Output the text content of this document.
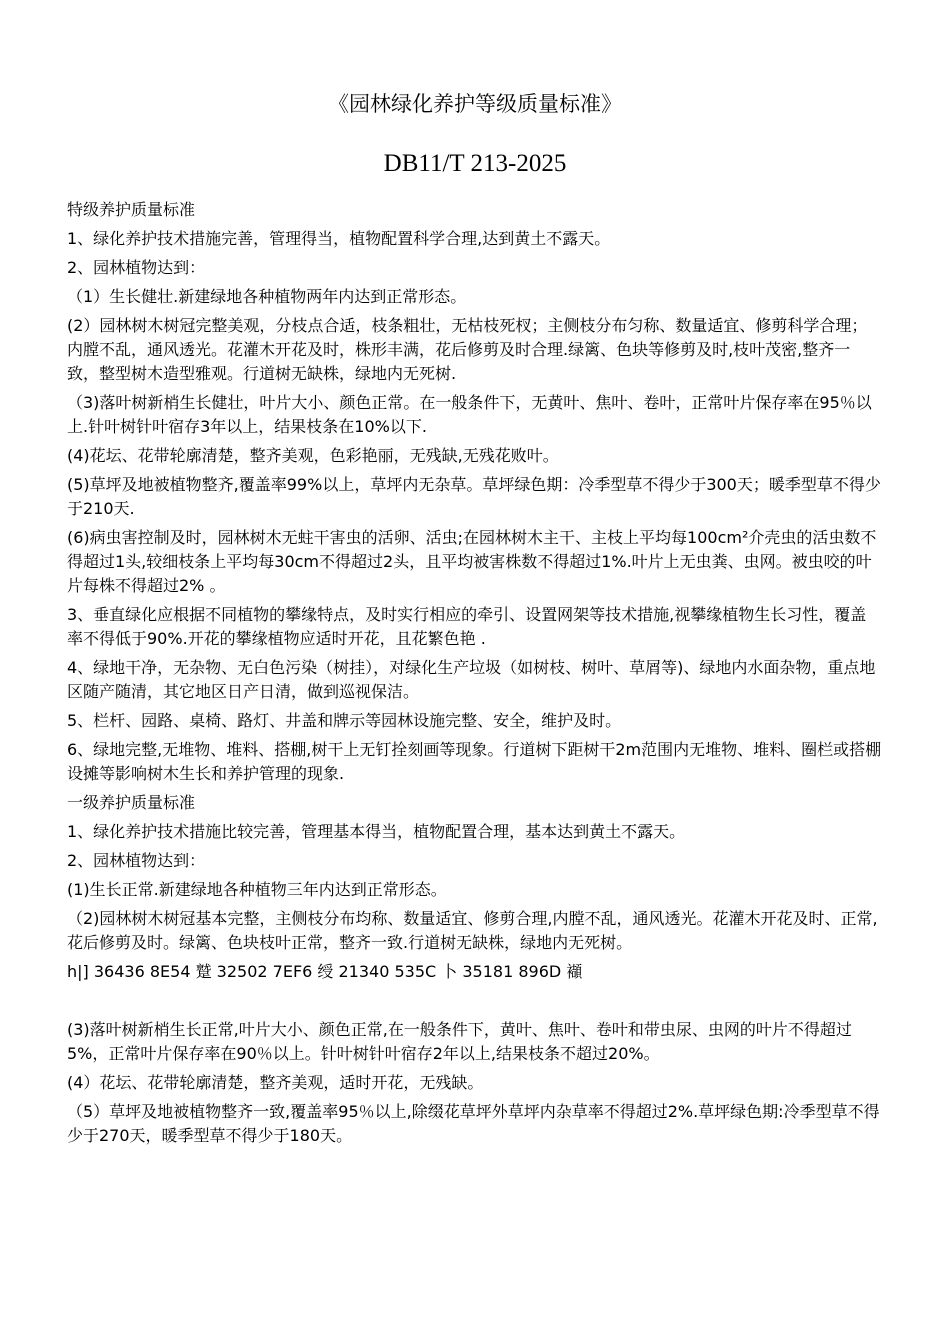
《园林绿化养护等级质量标准》
DB11/T 213-2025

特级养护质量标准

1、绿化养护技术措施完善，管理得当，植物配置科学合理,达到黄土不露天。

2、园林植物达到：

（1）生长健壮.新建绿地各种植物两年内达到正常形态。

(2）园林树木树冠完整美观，分枝点合适，枝条粗壮，无枯枝死杈；主侧枝分布匀称、数量适宜、修剪科学合理；内膛不乱，通风透光。花灌木开花及时，株形丰满，花后修剪及时合理.绿篱、色块等修剪及时,枝叶茂密,整齐一致，整型树木造型雅观。行道树无缺株，绿地内无死树.

（3)落叶树新梢生长健壮，叶片大小、颜色正常。在一般条件下，无黄叶、焦叶、卷叶，正常叶片保存率在95％以上.针叶树针叶宿存3年以上，结果枝条在10%以下.

(4)花坛、花带轮廓清楚，整齐美观，色彩艳丽，无残缺,无残花败叶。

(5)草坪及地被植物整齐,覆盖率99%以上，草坪内无杂草。草坪绿色期：冷季型草不得少于300天；暖季型草不得少于210天.

(6)病虫害控制及时，园林树木无蛀干害虫的活卵、活虫;在园林树木主干、主枝上平均每100cm²介壳虫的活虫数不得超过1头,较细枝条上平均每30cm不得超过2头，且平均被害株数不得超过1%.叶片上无虫粪、虫网。被虫咬的叶片每株不得超过2% 。

3、垂直绿化应根据不同植物的攀缘特点，及时实行相应的牵引、设置网架等技术措施,视攀缘植物生长习性，覆盖率不得低于90%.开花的攀缘植物应适时开花，且花繁色艳 .

4、绿地干净，无杂物、无白色污染（树挂），对绿化生产垃圾（如树枝、树叶、草屑等)、绿地内水面杂物，重点地区随产随清，其它地区日产日清，做到巡视保洁。

5、栏杆、园路、桌椅、路灯、井盖和牌示等园林设施完整、安全，维护及时。

6、绿地完整,无堆物、堆料、搭棚,树干上无钉拴刻画等现象。行道树下距树干2m范围内无堆物、堆料、圈栏或搭棚设摊等影响树木生长和养护管理的现象.

一级养护质量标准

1、绿化养护技术措施比较完善，管理基本得当，植物配置合理，基本达到黄土不露天。

2、园林植物达到：

(1)生长正常.新建绿地各种植物三年内达到正常形态。

（2)园林树木树冠基本完整，主侧枝分布均称、数量适宜、修剪合理,内膛不乱，通风透光。花灌木开花及时、正常,花后修剪及时。绿篱、色块枝叶正常，整齐一致.行道树无缺株，绿地内无死树。

h|] 36436 8E54 蹵 32502 7EF6 绶 21340 535C 卜 35181 896D 襭

(3)落叶树新梢生长正常,叶片大小、颜色正常,在一般条件下，黄叶、焦叶、卷叶和带虫尿、虫网的叶片不得超过5%，正常叶片保存率在90％以上。针叶树针叶宿存2年以上,结果枝条不超过20%。

(4）花坛、花带轮廓清楚，整齐美观，适时开花，无残缺。

（5）草坪及地被植物整齐一致,覆盖率95％以上,除缀花草坪外草坪内杂草率不得超过2%.草坪绿色期:冷季型草不得少于270天，暖季型草不得少于180天。
